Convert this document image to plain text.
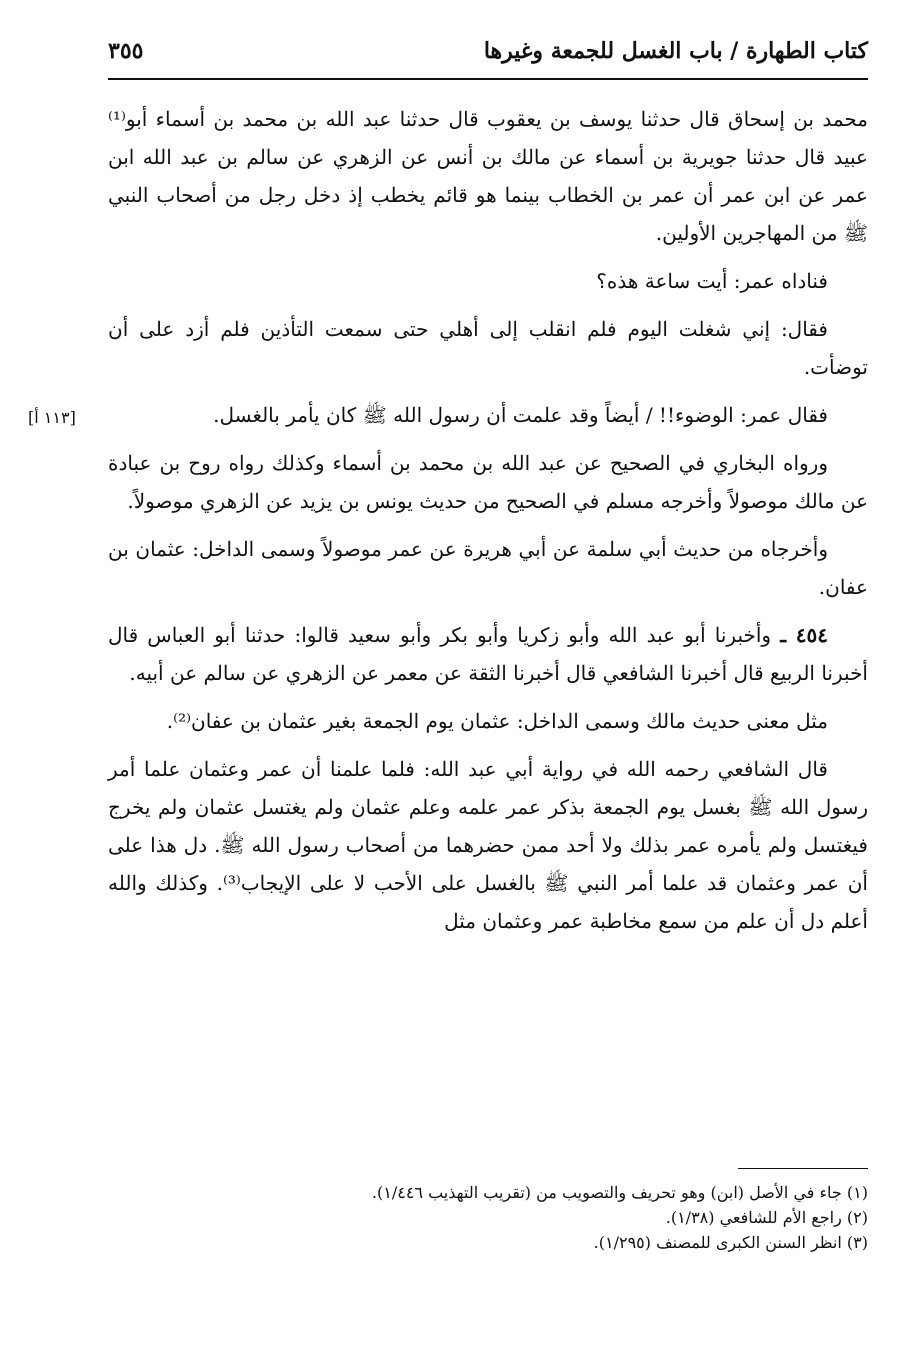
كتاب الطهارة / باب الغسل للجمعة وغيرها
٣٥٥
[١١٣ أ]

محمد بن إسحاق قال حدثنا يوسف بن يعقوب قال حدثنا عبد الله بن محمد بن أسماء أبو⁽¹⁾ عبيد قال حدثنا جويرية بن أسماء عن مالك بن أنس عن الزهري عن سالم بن عبد الله ابن عمر عن ابن عمر أن عمر بن الخطاب بينما هو قائم يخطب إذ دخل رجل من أصحاب النبي ﷺ من المهاجرين الأولين.

فناداه عمر: أيت ساعة هذه؟

فقال: إني شغلت اليوم فلم انقلب إلى أهلي حتى سمعت التأذين فلم أزد على أن توضأت.

فقال عمر: الوضوء!! / أيضاً وقد علمت أن رسول الله ﷺ كان يأمر بالغسل.

ورواه البخاري في الصحيح عن عبد الله بن محمد بن أسماء وكذلك رواه روح بن عبادة عن مالك موصولاً وأخرجه مسلم في الصحيح من حديث يونس بن يزيد عن الزهري موصولاً.

وأخرجاه من حديث أبي سلمة عن أبي هريرة عن عمر موصولاً وسمى الداخل: عثمان بن عفان.

٤٥٤ ـ وأخبرنا أبو عبد الله وأبو زكريا وأبو بكر وأبو سعيد قالوا: حدثنا أبو العباس قال أخبرنا الربيع قال أخبرنا الشافعي قال أخبرنا الثقة عن معمر عن الزهري عن سالم عن أبيه.

مثل معنى حديث مالك وسمى الداخل: عثمان يوم الجمعة بغير عثمان بن عفان⁽²⁾.

قال الشافعي رحمه الله في رواية أبي عبد الله: فلما علمنا أن عمر وعثمان علما أمر رسول الله ﷺ بغسل يوم الجمعة بذكر عمر علمه وعلم عثمان ولم يغتسل عثمان ولم يخرج فيغتسل ولم يأمره عمر بذلك ولا أحد ممن حضرهما من أصحاب رسول الله ﷺ. دل هذا على أن عمر وعثمان قد علما أمر النبي ﷺ بالغسل على الأحب لا على الإيجاب⁽³⁾. وكذلك والله أعلم دل أن علم من سمع مخاطبة عمر وعثمان مثل

(١) جاء في الأصل (ابن) وهو تحريف والتصويب من (تقريب التهذيب ١/٤٤٦).
(٢) راجع الأم للشافعي (١/٣٨).
(٣) انظر السنن الكبرى للمصنف (١/٢٩٥).
